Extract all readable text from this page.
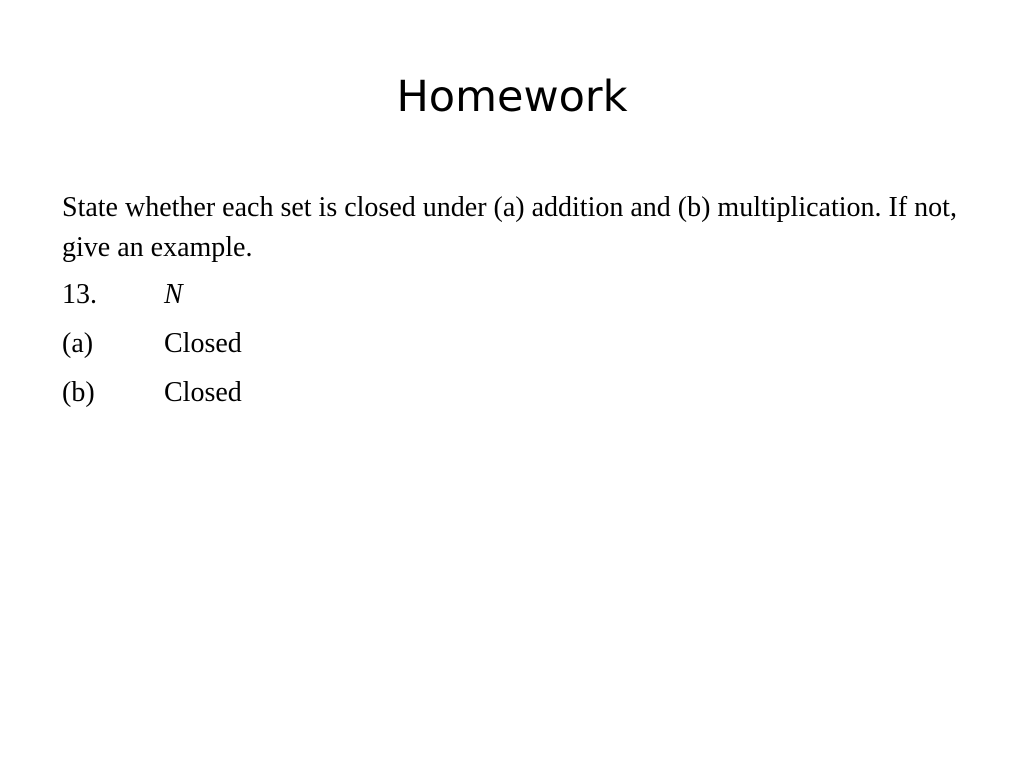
Homework

State whether each set is closed under (a) addition and (b) multiplication. If not, give an example.

13. N
(a)	Closed
(b) Closed
